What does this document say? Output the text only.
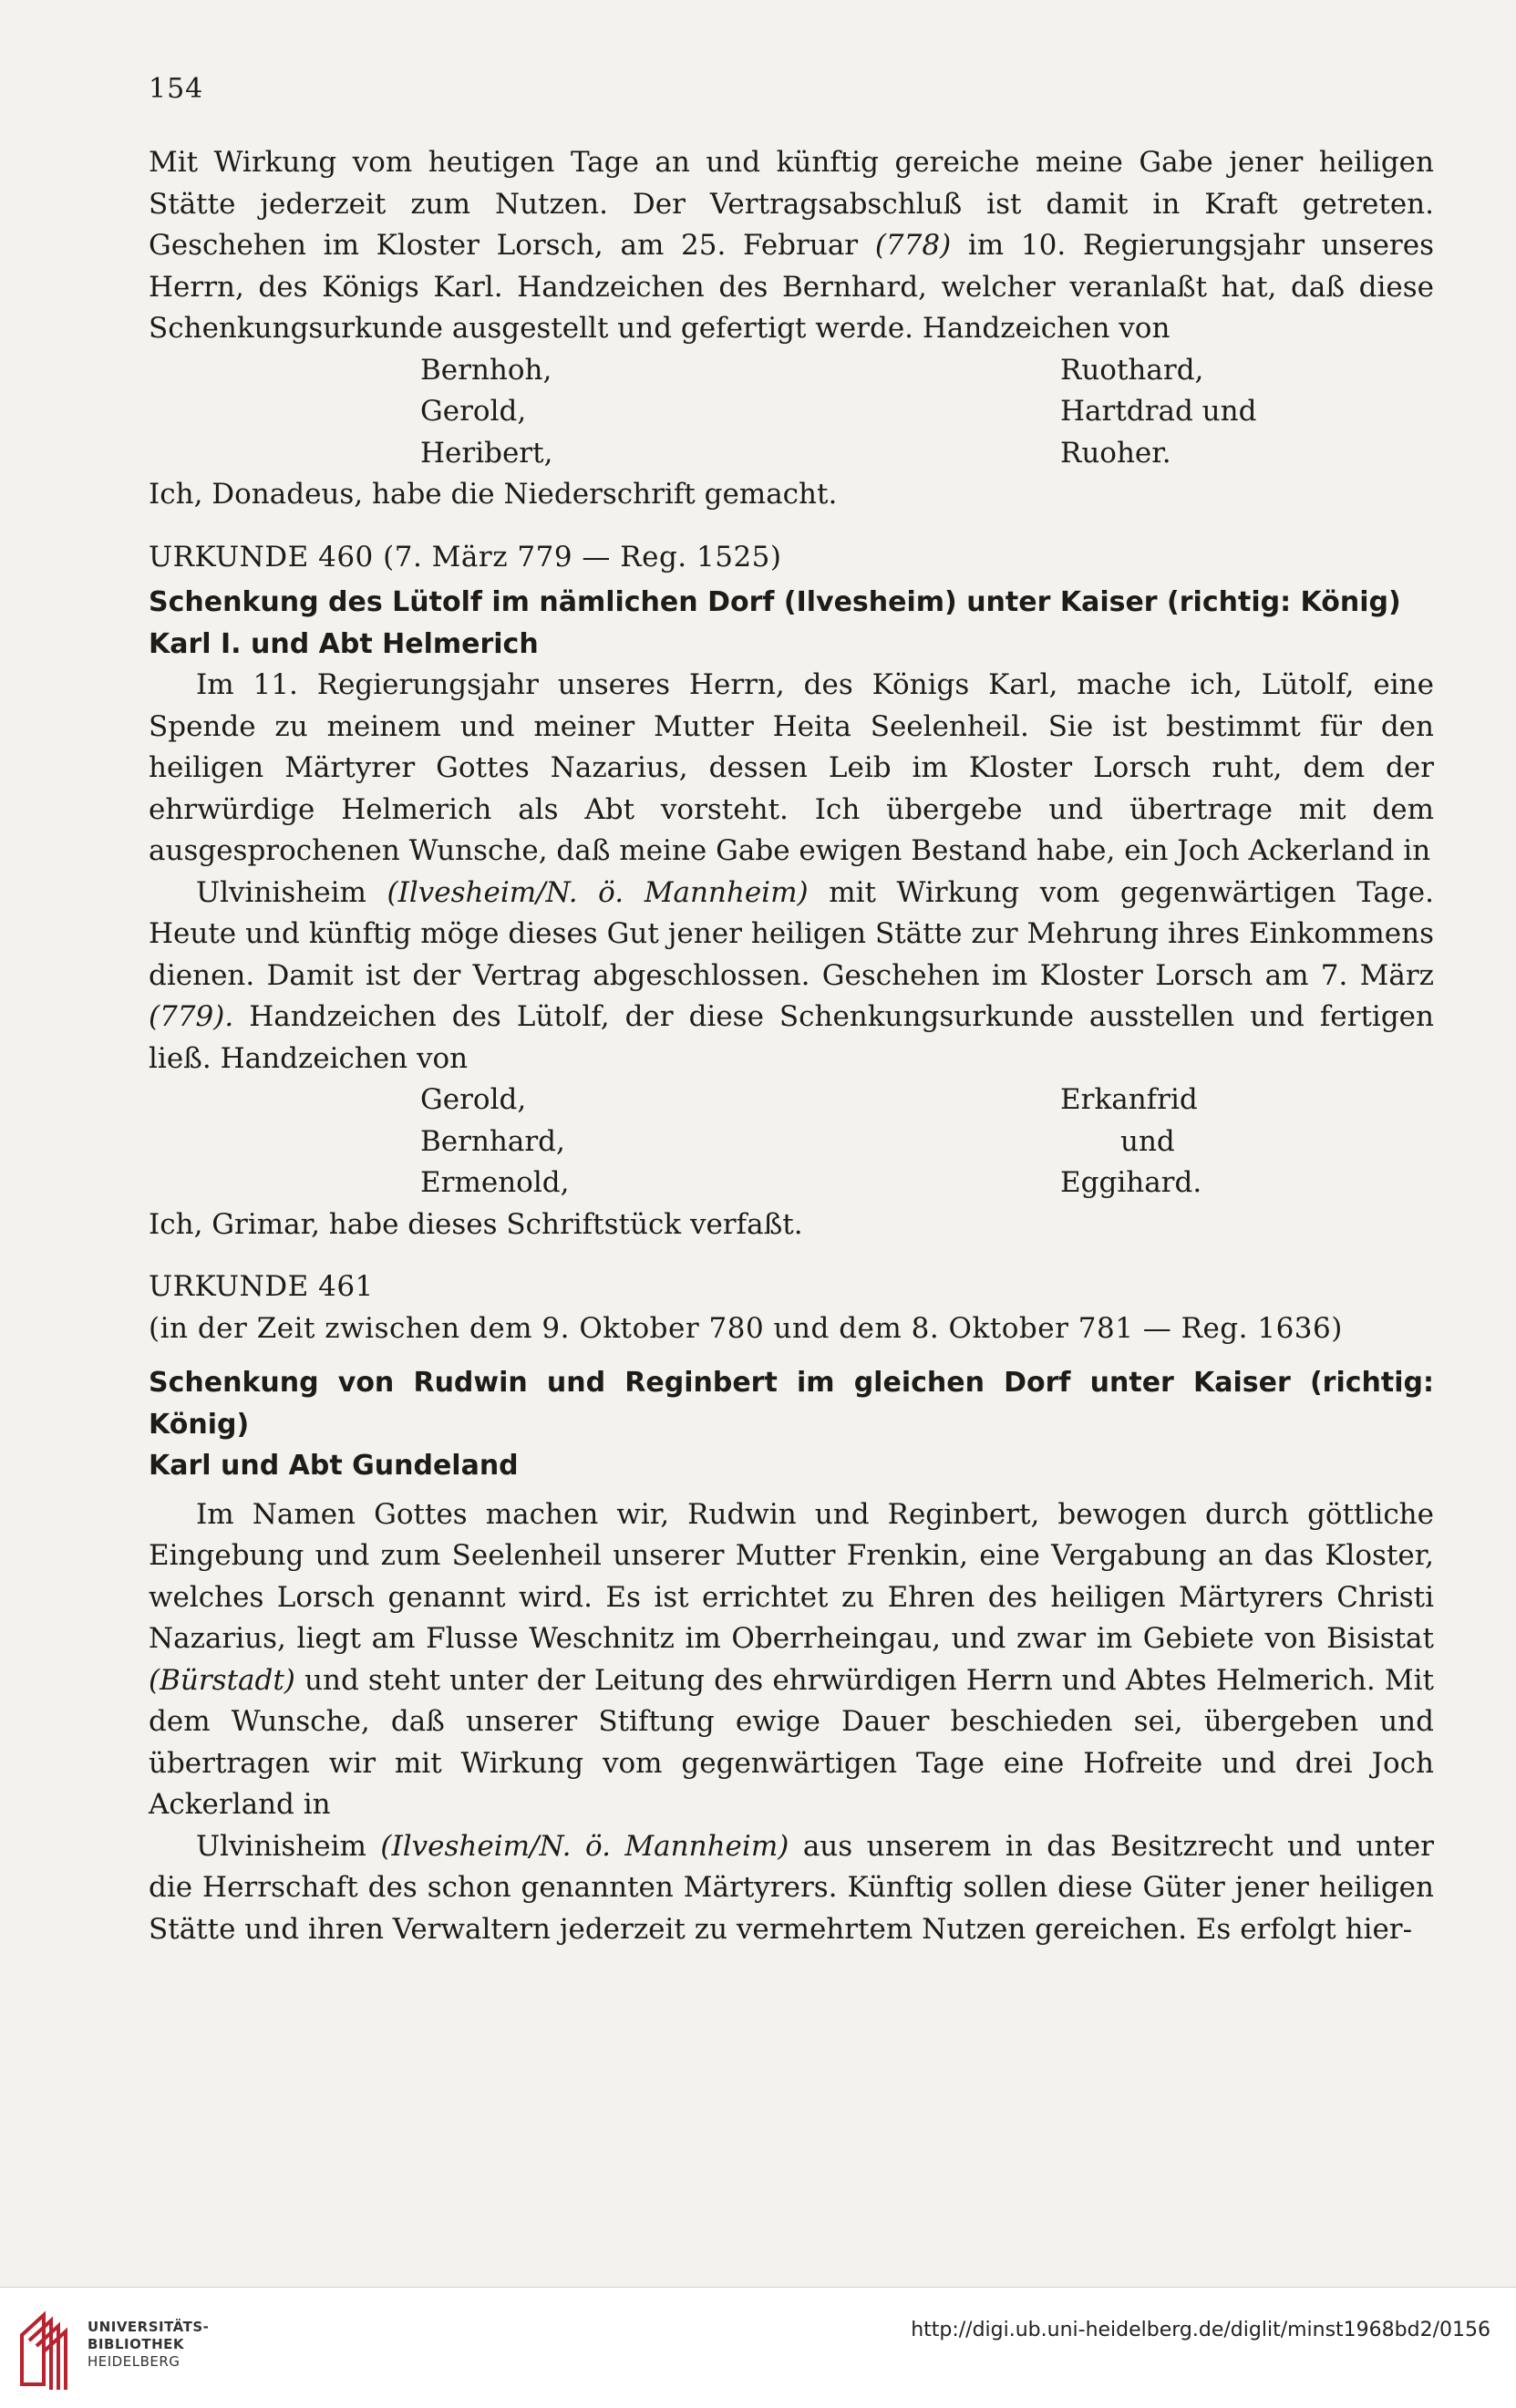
154

Mit Wirkung vom heutigen Tage an und künftig gereiche meine Gabe jener heiligen Stätte jederzeit zum Nutzen. Der Vertragsabschluß ist damit in Kraft getreten. Geschehen im Kloster Lorsch, am 25. Februar (778) im 10. Regierungsjahr unseres Herrn, des Königs Karl. Handzeichen des Bernhard, welcher veranlaßt hat, daß diese Schenkungsurkunde ausgestellt und gefertigt werde. Handzeichen von

Bernhoh,	Ruothard,
Gerold,	Hartdrad und
Heribert,	Ruoher.

Ich, Donadeus, habe die Niederschrift gemacht.

URKUNDE 460 (7. März 779 — Reg. 1525)

Schenkung des Lütolf im nämlichen Dorf (Ilvesheim) unter Kaiser (richtig: König)
Karl I. und Abt Helmerich

Im 11. Regierungsjahr unseres Herrn, des Königs Karl, mache ich, Lütolf, eine Spende zu meinem und meiner Mutter Heita Seelenheil. Sie ist bestimmt für den heiligen Märtyrer Gottes Nazarius, dessen Leib im Kloster Lorsch ruht, dem der ehrwürdige Helmerich als Abt vorsteht. Ich übergebe und übertrage mit dem ausgesprochenen Wunsche, daß meine Gabe ewigen Bestand habe, ein Joch Ackerland in

Ulvinisheim (Ilvesheim/N. ö. Mannheim) mit Wirkung vom gegenwärtigen Tage. Heute und künftig möge dieses Gut jener heiligen Stätte zur Mehrung ihres Einkommens dienen. Damit ist der Vertrag abgeschlossen. Geschehen im Kloster Lorsch am 7. März (779). Handzeichen des Lütolf, der diese Schenkungsurkunde ausstellen und fertigen ließ. Handzeichen von

Gerold,	Erkanfrid
Bernhard,	und
Ermenold,	Eggihard.

Ich, Grimar, habe dieses Schriftstück verfaßt.

URKUNDE 461

(in der Zeit zwischen dem 9. Oktober 780 und dem 8. Oktober 781 — Reg. 1636)

Schenkung von Rudwin und Reginbert im gleichen Dorf unter Kaiser (richtig: König)
Karl und Abt Gundeland

Im Namen Gottes machen wir, Rudwin und Reginbert, bewogen durch göttliche Eingebung und zum Seelenheil unserer Mutter Frenkin, eine Vergabung an das Kloster, welches Lorsch genannt wird. Es ist errichtet zu Ehren des heiligen Märtyrers Christi Nazarius, liegt am Flusse Weschnitz im Oberrheingau, und zwar im Gebiete von Bisistat (Bürstadt) und steht unter der Leitung des ehrwürdigen Herrn und Abtes Helmerich. Mit dem Wunsche, daß unserer Stiftung ewige Dauer beschieden sei, übergeben und übertragen wir mit Wirkung vom gegenwärtigen Tage eine Hofreite und drei Joch Ackerland in

Ulvinisheim (Ilvesheim/N. ö. Mannheim) aus unserem in das Besitzrecht und unter die Herrschaft des schon genannten Märtyrers. Künftig sollen diese Güter jener heiligen Stätte und ihren Verwaltern jederzeit zu vermehrtem Nutzen gereichen. Es erfolgt hier-

UNIVERSITÄTS-
BIBLIOTHEK
HEIDELBERG
http://digi.ub.uni-heidelberg.de/diglit/minst1968bd2/0156
